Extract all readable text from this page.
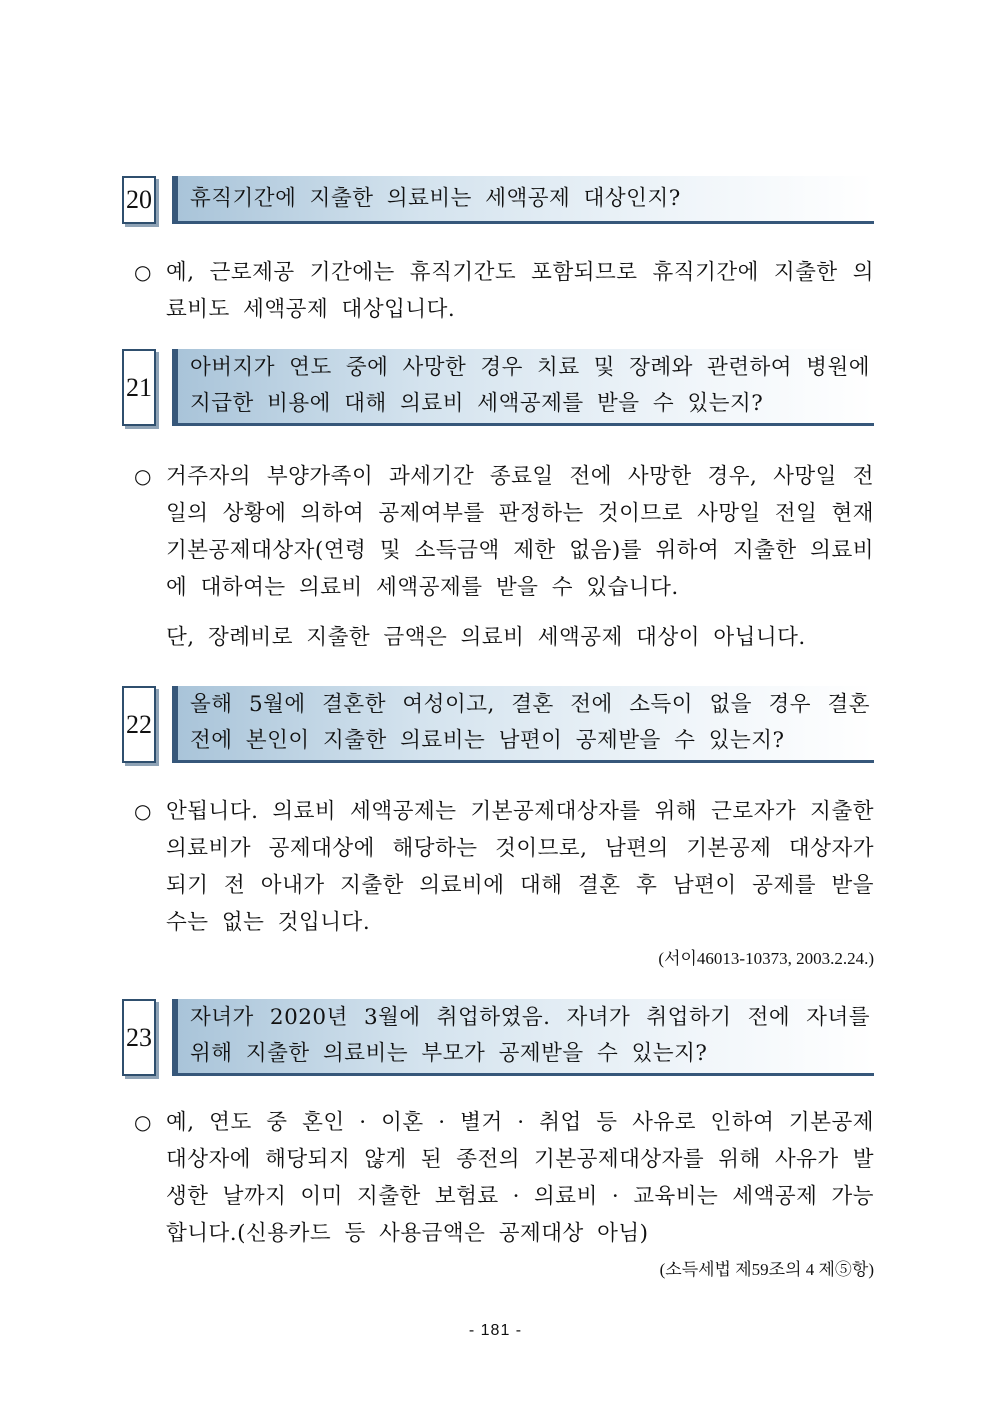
20 휴직기간에 지출한 의료비는 세액공제 대상인지?
○ 예, 근로제공 기간에는 휴직기간도 포함되므로 휴직기간에 지출한 의료비도 세액공제 대상입니다.

21
아버지가 연도 중에 사망한 경우 치료 및 장례와 관련하여 병원에 지급한 비용에 대해 의료비 세액공제를 받을 수 있는지?
○ 거주자의 부양가족이 과세기간 종료일 전에 사망한 경우, 사망일 전일의 상황에 의하여 공제여부를 판정하는 것이므로 사망일 전일 현재 기본공제대상자(연령 및 소득금액 제한 없음)를 위하여 지출한 의료비에 대하여는 의료비 세액공제를 받을 수 있습니다.

단, 장례비로 지출한 금액은 의료비 세액공제 대상이 아닙니다.

22
올해 5월에 결혼한 여성이고, 결혼 전에 소득이 없을 경우 결혼 전에 본인이 지출한 의료비는 남편이 공제받을 수 있는지?
○ 안됩니다. 의료비 세액공제는 기본공제대상자를 위해 근로자가 지출한 의료비가 공제대상에 해당하는 것이므로, 남편의 기본공제 대상자가 되기 전 아내가 지출한 의료비에 대해 결혼 후 남편이 공제를 받을 수는 없는 것입니다.

(서이46013-10373, 2003.2.24.)
23
자녀가 2020년 3월에 취업하였음. 자녀가 취업하기 전에 자녀를 위해 지출한 의료비는 부모가 공제받을 수 있는지?
○ 예, 연도 중 혼인 · 이혼 · 별거 · 취업 등 사유로 인하여 기본공제 대상자에 해당되지 않게 된 종전의 기본공제대상자를 위해 사유가 발생한 날까지 이미 지출한 보험료 · 의료비 · 교육비는 세액공제 가능합니다.(신용카드 등 사용금액은 공제대상 아님)

(소득세법 제59조의 4 제⑤항)
- 181 -
